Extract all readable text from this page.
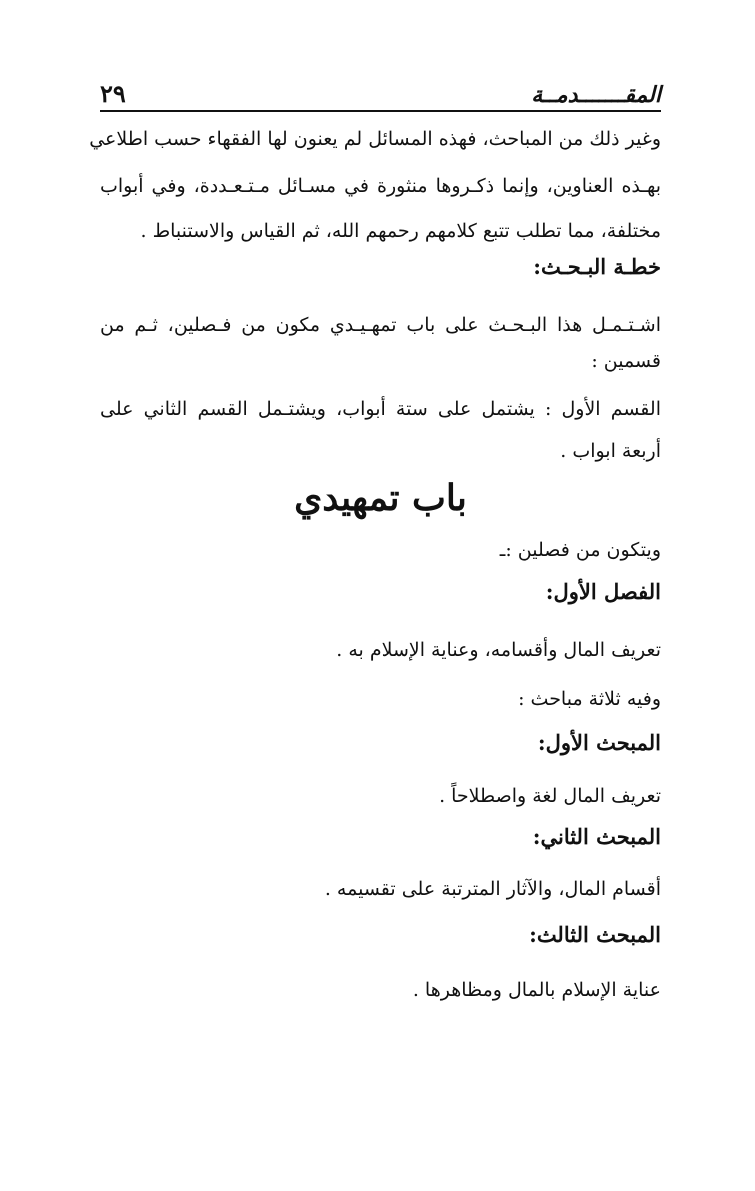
المقـــــــدمــة
٢٩
وغير ذلك من المباحث، فهذه المسائل لم يعنون لها الفقهاء حسب اطلاعي
بهـذه العناوين، وإنما ذكـروها منثورة في مسـائل مـتـعـددة، وفي أبواب
مختلفة، مما تطلب تتبع كلامهم رحمهم الله، ثم القياس والاستنباط .
خطـة البـحـث:
اشـتـمـل هذا البـحـث على باب تمهـيـدي مكون من فـصلين، ثـم من
قسمين :
القسم الأول : يشتمل على ستة أبواب، ويشتـمل القسم الثاني على
أربعة ابواب .
باب تمهيدي
ويتكون من فصلين :ـ
الفصل الأول:
تعريف المال وأقسامه، وعناية الإسلام به .
وفيه ثلاثة مباحث :
المبحث الأول:
تعريف المال لغة واصطلاحاً .
المبحث الثاني:
أقسام المال، والآثار المترتبة على تقسيمه .
المبحث الثالث:
عناية الإسلام بالمال ومظاهرها .
